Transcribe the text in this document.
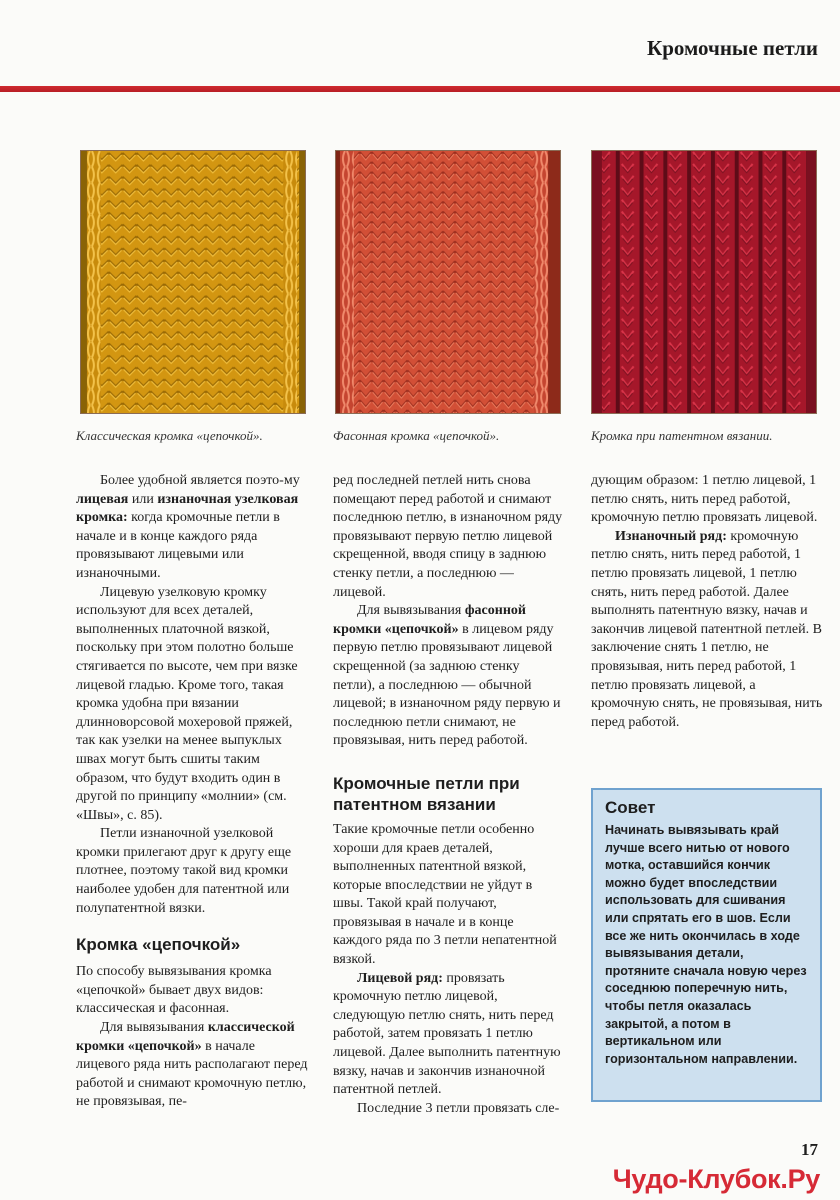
Кромочные петли
Классическая кромка «цепочкой».	Фасонная кромка «цепочкой».	Кромка при патентном вязании.

Более удобной является поэто-му лицевая или изнаночная узелковая кромка: когда кромочные петли в начале и в конце каждого ряда провязывают лицевыми или изнаночными.

Лицевую узелковую кромку используют для всех деталей, выполненных платочной вязкой, поскольку при этом полотно больше стягивается по высоте, чем при вязке лицевой гладью. Кроме того, такая кромка удобна при вязании длинноворсовой мохеровой пряжей, так как узелки на менее выпуклых швах могут быть сшиты таким образом, что будут входить один в другой по принципу «молнии» (см. «Швы», с. 85).

Петли изнаночной узелковой кромки прилегают друг к другу еще плотнее, поэтому такой вид кромки наиболее удобен для патентной или полупатентной вязки.

Кромка «цепочкой»

По способу вывязывания кромка «цепочкой» бывает двух видов: классическая и фасонная.

Для вывязывания классической кромки «цепочкой» в начале лицевого ряда нить располагают перед работой и снимают кромочную петлю, не провязывая, пе-

ред последней петлей нить снова помещают перед работой и снимают последнюю петлю, в изнаночном ряду провязывают первую петлю лицевой скрещенной, вводя спицу в заднюю стенку петли, а последнюю — лицевой.

Для вывязывания фасонной кромки «цепочкой» в лицевом ряду первую петлю провязывают лицевой скрещенной (за заднюю стенку петли), а последнюю — обычной лицевой; в изнаночном ряду первую и последнюю петли снимают, не провязывая, нить перед работой.

Кромочные петли при патентном вязании

Такие кромочные петли особенно хороши для краев деталей, выполненных патентной вязкой, которые впоследствии не уйдут в швы. Такой край получают, провязывая в начале и в конце каждого ряда по 3 петли непатентной вязкой.

Лицевой ряд: провязать кромочную петлю лицевой, следующую петлю снять, нить перед работой, затем провязать 1 петлю лицевой. Далее выполнить патентную вязку, начав и закончив изнаночной патентной петлей.

Последние 3 петли провязать сле-

дующим образом: 1 петлю лицевой, 1 петлю снять, нить перед работой, кромочную петлю провязать лицевой.

Изнаночный ряд: кромочную петлю снять, нить перед работой, 1 петлю провязать лицевой, 1 петлю снять, нить перед работой. Далее выполнять патентную вязку, начав и закончив лицевой патентной петлей. В заключение снять 1 петлю, не провязывая, нить перед работой, 1 петлю провязать лицевой, а кромочную снять, не провязывая, нить перед работой.

Совет
Начинать вывязывать край лучше всего нитью от нового мотка, оставшийся кончик можно будет впоследствии использовать для сшивания или спрятать его в шов. Если все же нить окончилась в ходе вывязывания детали, протяните сначала новую через соседнюю поперечную нить, чтобы петля оказалась закрытой, а потом в вертикальном или горизонтальном направлении.
17
Чудо-Клубок.Ру
